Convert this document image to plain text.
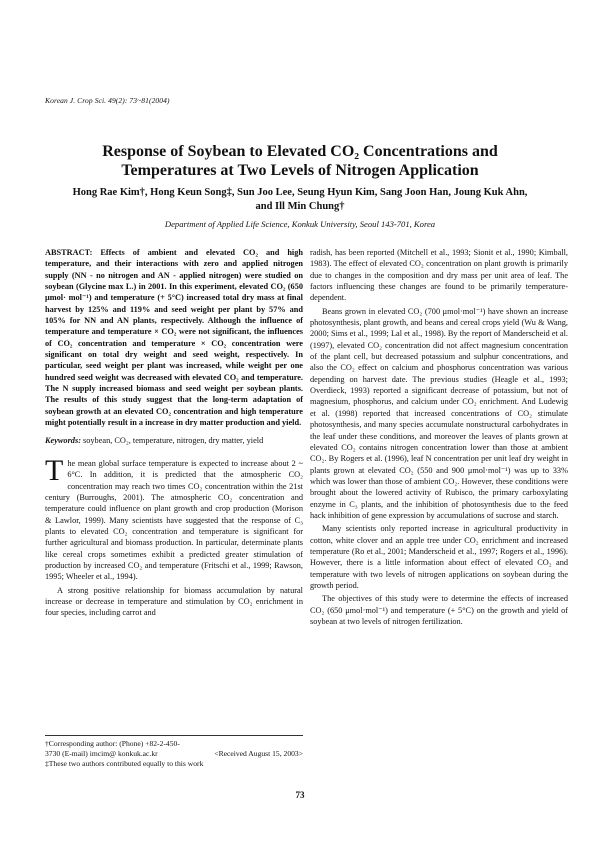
Korean J. Crop Sci. 49(2): 73~81(2004)
Response of Soybean to Elevated CO₂ Concentrations and Temperatures at Two Levels of Nitrogen Application
Hong Rae Kim†, Hong Keun Song‡, Sun Joo Lee, Seung Hyun Kim, Sang Joon Han, Joung Kuk Ahn, and Ill Min Chung†
Department of Applied Life Science, Konkuk University, Seoul 143-701, Korea

ABSTRACT: Effects of ambient and elevated CO₂ and high temperature, and their interactions with zero and applied nitrogen supply (NN - no nitrogen and AN - applied nitrogen) were studied on soybean (Glycine max L.) in 2001. In this experiment, elevated CO₂ (650 μmol· mol⁻¹) and temperature (+ 5°C) increased total dry mass at final harvest by 125% and 119% and seed weight per plant by 57% and 105% for NN and AN plants, respectively. Although the influence of temperature and temperature × CO₂ were not significant, the influences of CO₂ concentration and temperature × CO₂ concentration were significant on total dry weight and seed weight, respectively. In particular, seed weight per plant was increased, while weight per one hundred seed weight was decreased with elevated CO₂ and temperature. The N supply increased biomass and seed weight per soybean plants. The results of this study suggest that the long-term adaptation of soybean growth at an elevated CO₂ concentration and high temperature might potentially result in a increase in dry matter production and yield.

Keywords: soybean, CO₂, temperature, nitrogen, dry matter, yield

The mean global surface temperature is expected to increase about 2 ~ 6°C. In addition, it is predicted that the atmospheric CO₂ concentration may reach two times CO₂ concentration within the 21st century (Burroughs, 2001). The atmospheric CO₂ concentration and temperature could influence on plant growth and crop production (Morison & Lawlor, 1999). Many scientists have suggested that the response of C₃ plants to elevated CO₂ concentration and temperature is significant for further agricultural and biomass production. In particular, determinate plants like cereal crops sometimes exhibit a predicted greater stimulation of production by increased CO₂ and temperature (Fritschi et al., 1999; Rawson, 1995; Wheeler et al., 1994).

A strong positive relationship for biomass accumulation by natural increase or decrease in temperature and stimulation by CO₂ enrichment in four species, including carrot and

†Corresponding author: (Phone) +82-2-450-3730 (E-mail) imcim@ konkuk.ac.kr	<Received August 15, 2003>
‡These two authors contributed equally to this work

radish, has been reported (Mitchell et al., 1993; Sionit et al., 1990; Kimball, 1983). The effect of elevated CO₂ concentration on plant growth is primarily due to changes in the composition and dry mass per unit area of leaf. The factors influencing these changes are found to be primarily temperature-dependent.

Beans grown in elevated CO₂ (700 μmol·mol⁻¹) have shown an increase photosynthesis, plant growth, and beans and cereal crops yield (Wu & Wang, 2000; Sims et al., 1999; Lal et al., 1998). By the report of Manderscheid et al. (1997), elevated CO₂ concentration did not affect magnesium concentration of the plant cell, but decreased potassium and sulphur concentrations, and also the CO₂ effect on calcium and phosphorus concentration was various depending on harvest date. The previous studies (Heagle et al., 1993; Overdieck, 1993) reported a significant decrease of potassium, but not of magnesium, phosphorus, and calcium under CO₂ enrichment. And Ludewig et al. (1998) reported that increased concentrations of CO₂ stimulate photosynthesis, and many species accumulate nonstructural carbohydrates in the leaf under these conditions, and moreover the leaves of plants grown at elevated CO₂ contains nitrogen concentration lower than those at ambient CO₂. By Rogers et al. (1996), leaf N concentration per unit leaf dry weight in plants grown at elevated CO₂ (550 and 900 μmol·mol⁻¹) was up to 33% which was lower than those of ambient CO₂. However, these conditions were brought about the lowered activity of Rubisco, the primary carboxylating enzyme in C₃ plants, and the inhibition of photosynthesis due to the feed hack inhibition of gene expression by accumulations of sucrose and starch.

Many scientists only reported increase in agricultural productivity in cotton, white clover and an apple tree under CO₂ enrichment and increased temperature (Ro et al., 2001; Manderscheid et al., 1997; Rogers et al., 1996). However, there is a little information about effect of elevated CO₂ and temperature with two levels of nitrogen applications on soybean during the growth period.

The objectives of this study were to determine the effects of increased CO₂ (650 μmol·mol⁻¹) and temperature (+ 5°C) on the growth and yield of soybean at two levels of nitrogen fertilization.

73
